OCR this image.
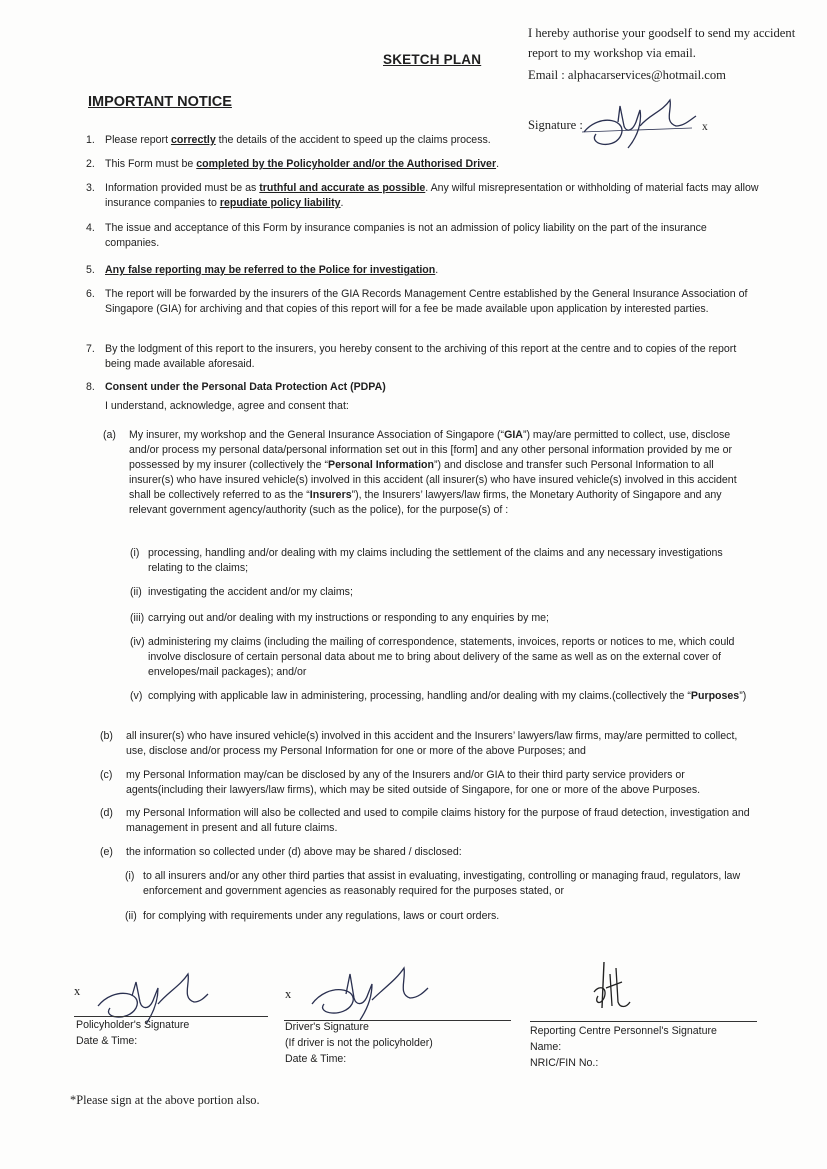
I hereby authorise your goodself to send my accident
report to my workshop via email.
Email : alphacarservices@hotmail.com
Signature :	x
SKETCH PLAN
IMPORTANT NOTICE
1. Please report correctly the details of the accident to speed up the claims process.
2. This Form must be completed by the Policyholder and/or the Authorised Driver.
3. Information provided must be as truthful and accurate as possible. Any wilful misrepresentation or withholding of material facts may allow insurance companies to repudiate policy liability.
4. The issue and acceptance of this Form by insurance companies is not an admission of policy liability on the part of the insurance companies.
5. Any false reporting may be referred to the Police for investigation.
6. The report will be forwarded by the insurers of the GIA Records Management Centre established by the General Insurance Association of Singapore (GIA) for archiving and that copies of this report will for a fee be made available upon application by interested parties.
7. By the lodgment of this report to the insurers, you hereby consent to the archiving of this report at the centre and to copies of the report being made available aforesaid.
8. Consent under the Personal Data Protection Act (PDPA)
I understand, acknowledge, agree and consent that:
(a) My insurer, my workshop and the General Insurance Association of Singapore (“GIA”) may/are permitted to collect, use, disclose and/or process my personal data/personal information set out in this [form] and any other personal information provided by me or possessed by my insurer (collectively the “Personal Information”) and disclose and transfer such Personal Information to all insurer(s) who have insured vehicle(s) involved in this accident (all insurer(s) who have insured vehicle(s) involved in this accident shall be collectively referred to as the “Insurers”), the Insurers’ lawyers/law firms, the Monetary Authority of Singapore and any relevant government agency/authority (such as the police), for the purpose(s) of :
(i) processing, handling and/or dealing with my claims including the settlement of the claims and any necessary investigations relating to the claims;
(ii) investigating the accident and/or my claims;
(iii) carrying out and/or dealing with my instructions or responding to any enquiries by me;
(iv) administering my claims (including the mailing of correspondence, statements, invoices, reports or notices to me, which could involve disclosure of certain personal data about me to bring about delivery of the same as well as on the external cover of envelopes/mail packages); and/or
(v) complying with applicable law in administering, processing, handling and/or dealing with my claims.(collectively the “Purposes”)
(b) all insurer(s) who have insured vehicle(s) involved in this accident and the Insurers’ lawyers/law firms, may/are permitted to collect, use, disclose and/or process my Personal Information for one or more of the above Purposes; and
(c) my Personal Information may/can be disclosed by any of the Insurers and/or GIA to their third party service providers or agents(including their lawyers/law firms), which may be sited outside of Singapore, for one or more of the above Purposes.
(d) my Personal Information will also be collected and used to compile claims history for the purpose of fraud detection, investigation and management in present and all future claims.
(e) the information so collected under (d) above may be shared / disclosed:
(i) to all insurers and/or any other third parties that assist in evaluating, investigating, controlling or managing fraud, regulators, law enforcement and government agencies as reasonably required for the purposes stated, or
(ii) for complying with requirements under any regulations, laws or court orders.
x
Policyholder's Signature
Date & Time:
x
Driver's Signature
(If driver is not the policyholder)
Date & Time:
Reporting Centre Personnel's Signature
Name:
NRIC/FIN No.:
*Please sign at the above portion also.
